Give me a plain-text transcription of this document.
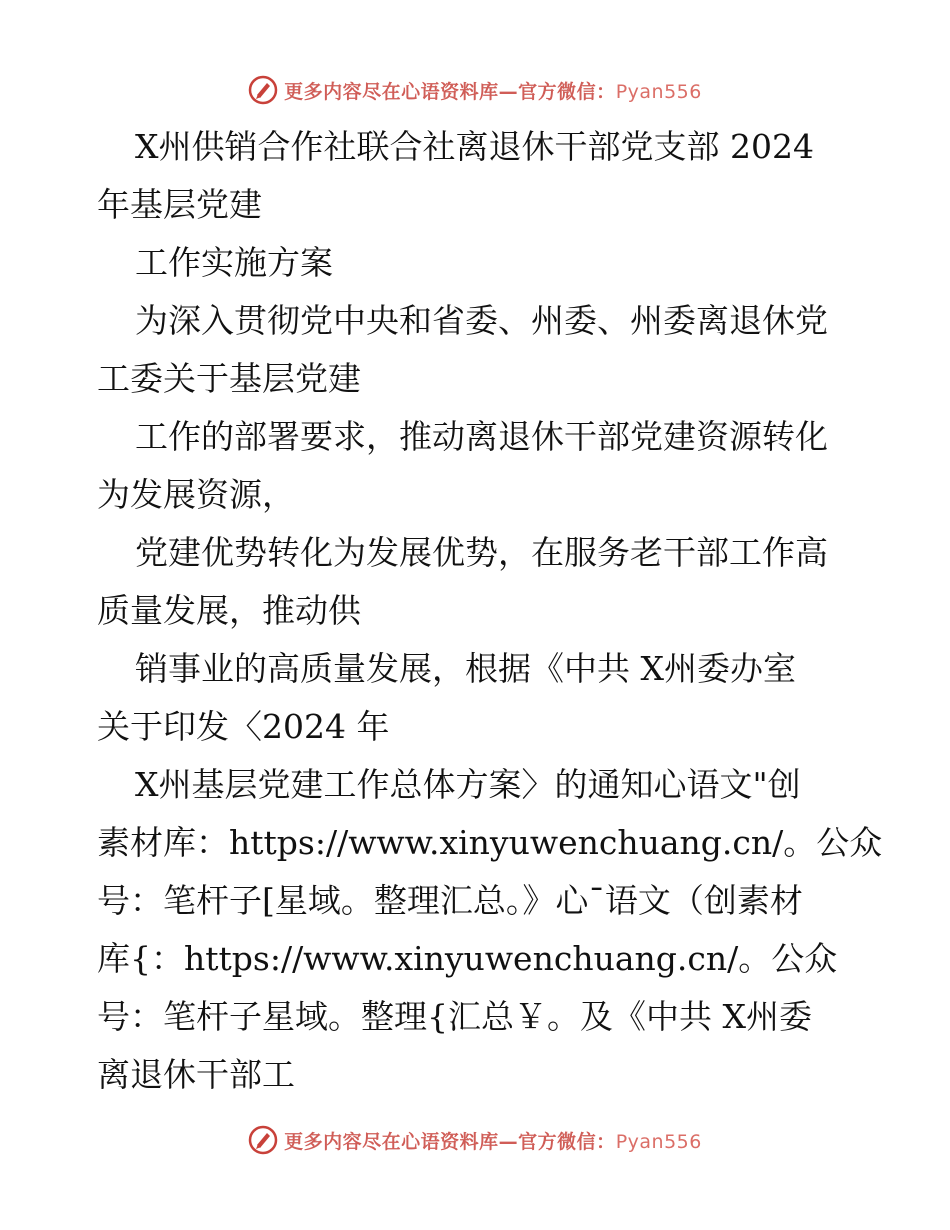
更多内容尽在心语资料库—官方微信：Pyan556
X州供销合作社联合社离退休干部党支部 2024
年基层党建
工作实施方案
为深入贯彻党中央和省委、州委、州委离退休党
工委关于基层党建
工作的部署要求，推动离退休干部党建资源转化
为发展资源，
党建优势转化为发展优势，在服务老干部工作高
质量发展，推动供
销事业的高质量发展，根据《中共 X州委办室
关于印发〈2024 年
X州基层党建工作总体方案〉的通知心语文"创
素材库：https://www.xinyuwenchuang.cn/。公众
号：笔杆子[星域。整理汇总。》心¯语文（创素材
库{：https://www.xinyuwenchuang.cn/。公众
号：笔杆子星域。整理{汇总￥。及《中共 X州委
离退休干部工
更多内容尽在心语资料库—官方微信：Pyan556
